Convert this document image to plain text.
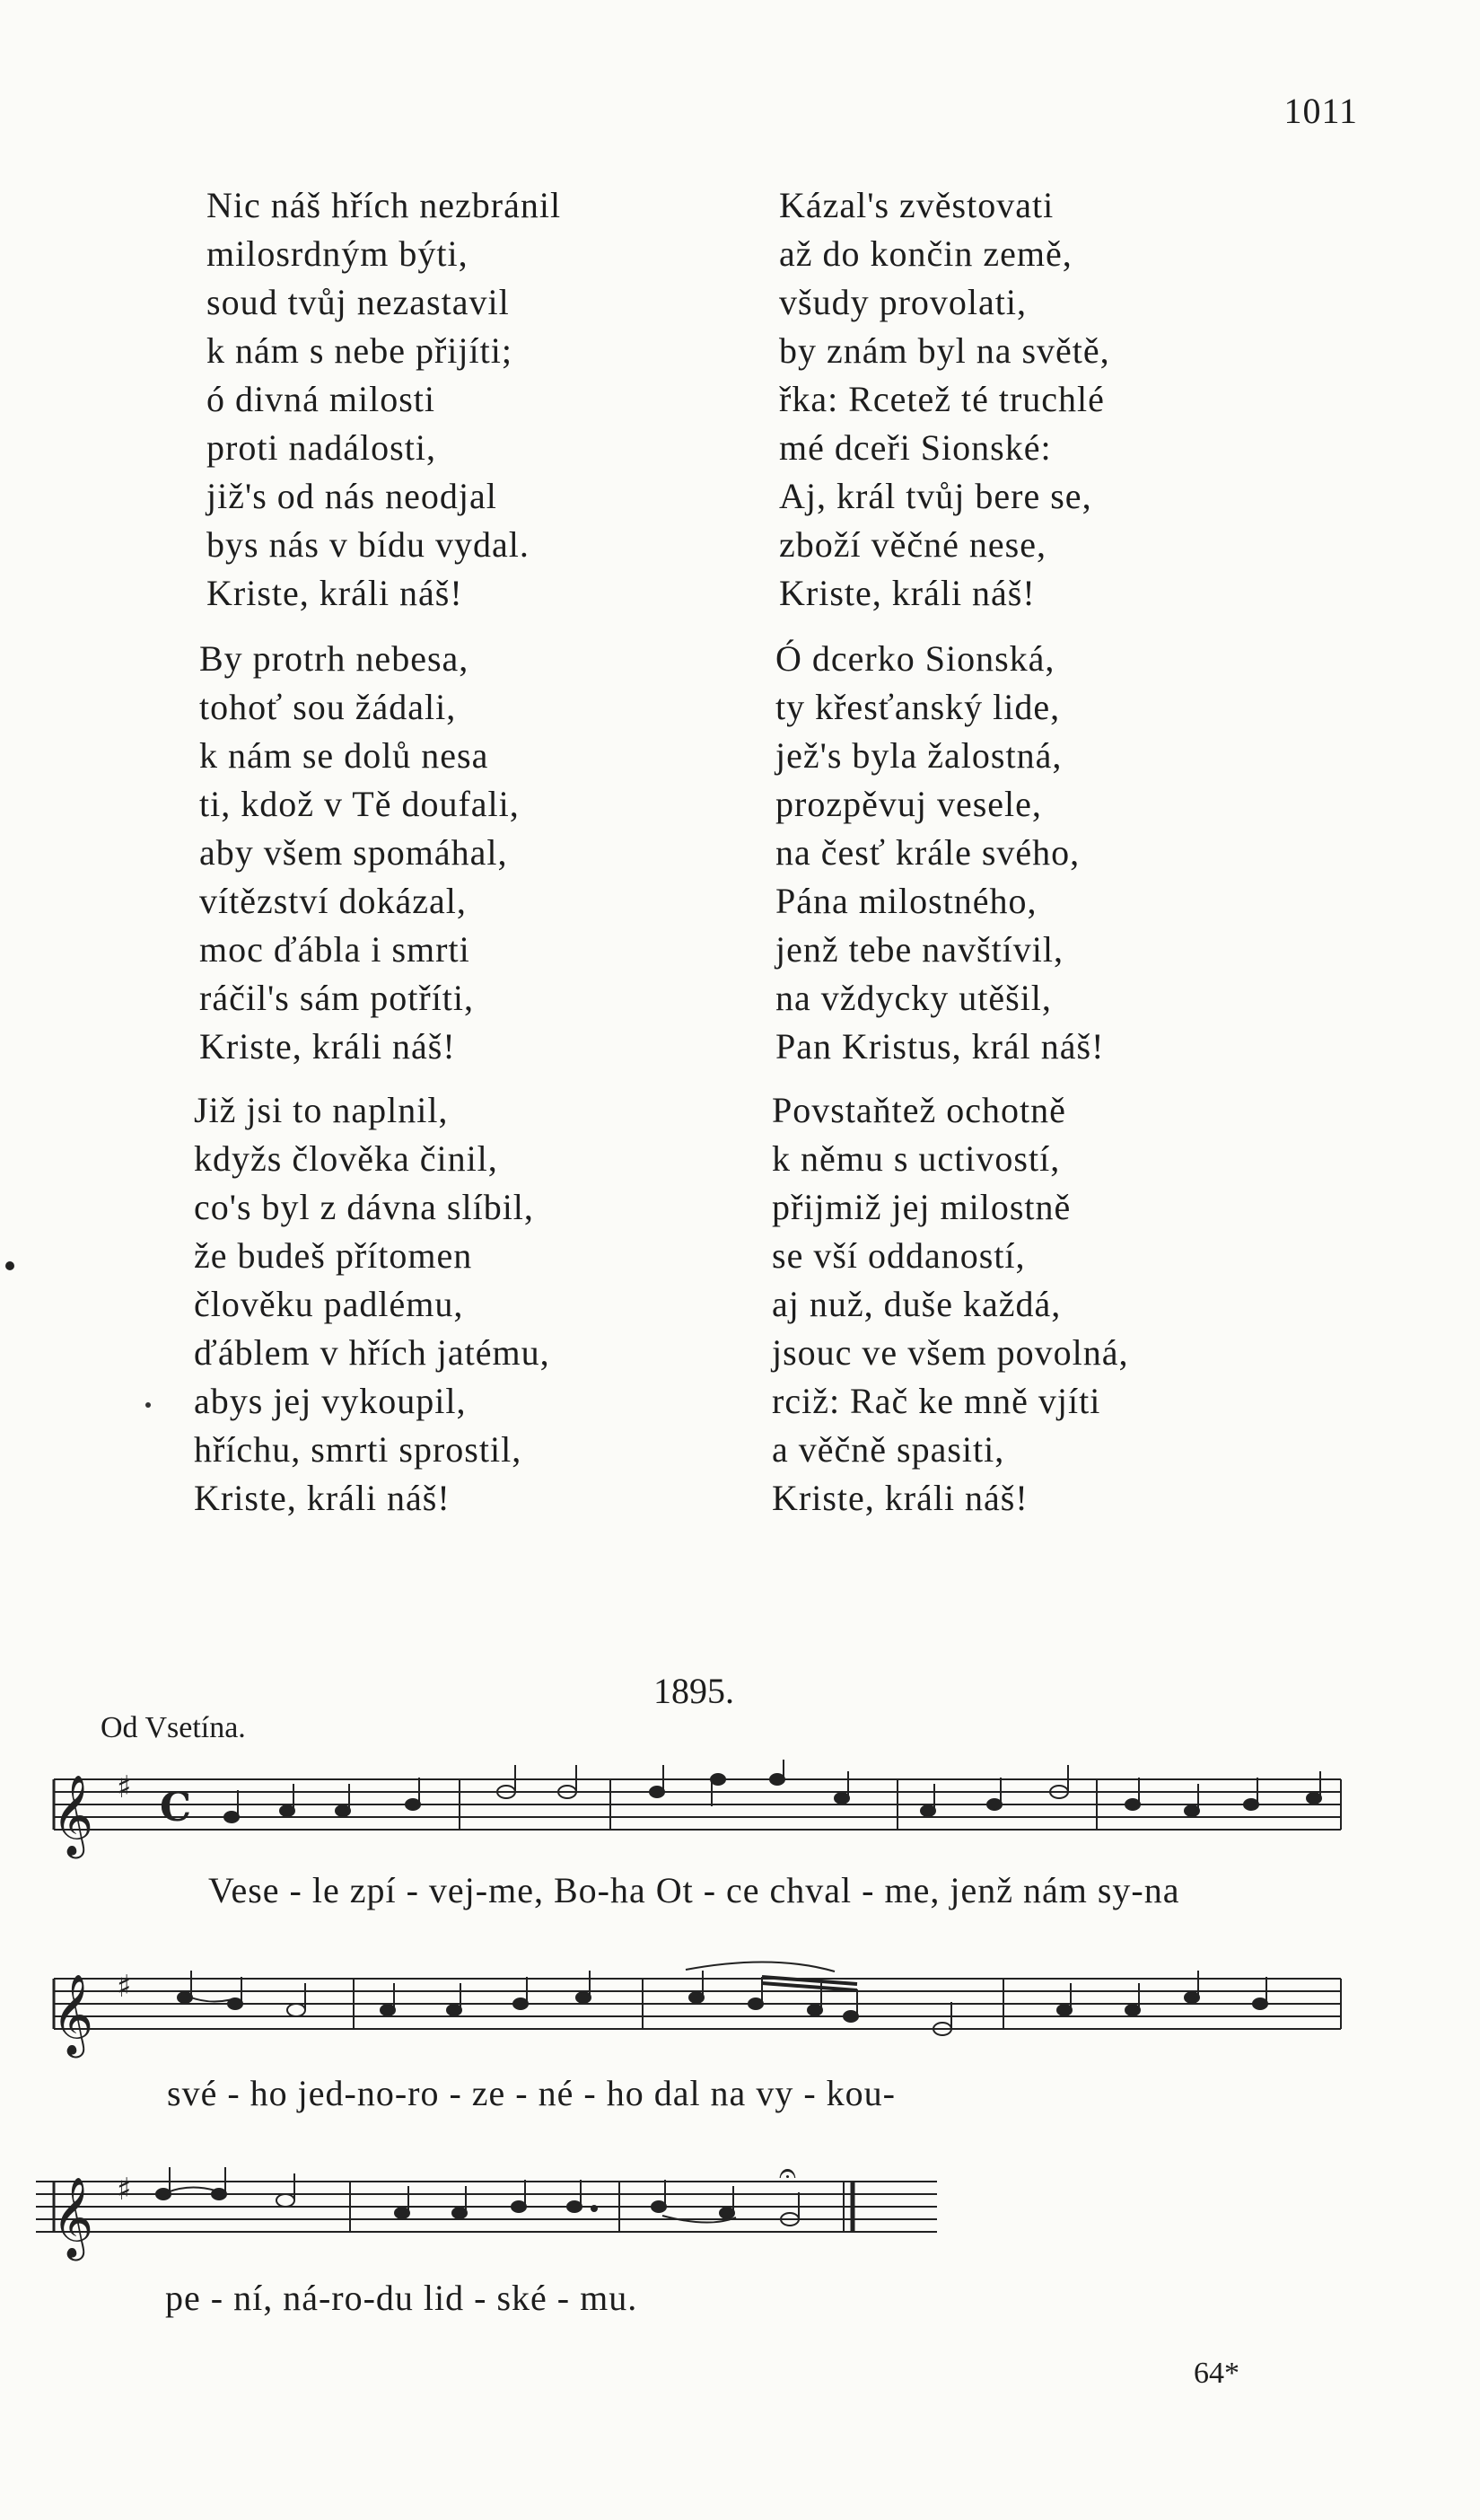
1011
Nic náš hřích nezbránil
milosrdným býti,
soud tvůj nezastavil
k nám s nebe přijíti;
ó divná milosti
proti nadálosti,
již's od nás neodjal
bys nás v bídu vydal.
Kriste, králi náš!
By protrh nebesa,
tohoť sou žádali,
k nám se dolů nesa
ti, kdož v Tě doufali,
aby všem spomáhal,
vítězství dokázal,
moc ďábla i smrti
ráčil's sám potříti,
Kriste, králi náš!
Již jsi to naplnil,
kdyžs člověka činil,
co's byl z dávna slíbil,
že budeš přítomen
člověku padlému,
ďáblem v hřích jatému,
abys jej vykoupil,
hříchu, smrti sprostil,
Kriste, králi náš!
Kázal's zvěstovati
až do končin země,
všudy provolati,
by znám byl na světě,
řka: Rcetež té truchlé
mé dceři Sionské:
Aj, král tvůj bere se,
zboží věčné nese,
Kriste, králi náš!
Ó dcerko Sionská,
ty křesťanský lide,
jež's byla žalostná,
prozpěvuj vesele,
na česť krále svého,
Pána milostného,
jenž tebe navštívil,
na vždycky utěšil,
Pan Kristus, král náš!
Povstaňtež ochotně
k němu s uctivostí,
přijmiž jej milostně
se vší oddaností,
aj nuž, duše každá,
jsouc ve všem povolná,
rciž: Rač ke mně vjíti
a věčně spasiti,
Kriste, králi náš!
1895.
Od Vsetína.
𝄞 ♯ C
Vese - le zpí - vej-me, Bo-ha Ot - ce chval - me, jenž nám sy-na
𝄞 ♯
své - ho jed-no-ro - ze - né - ho dal na vy - kou-
𝄞 ♯	𝄐
pe - ní, ná-ro-du lid - ské - mu.
64*
